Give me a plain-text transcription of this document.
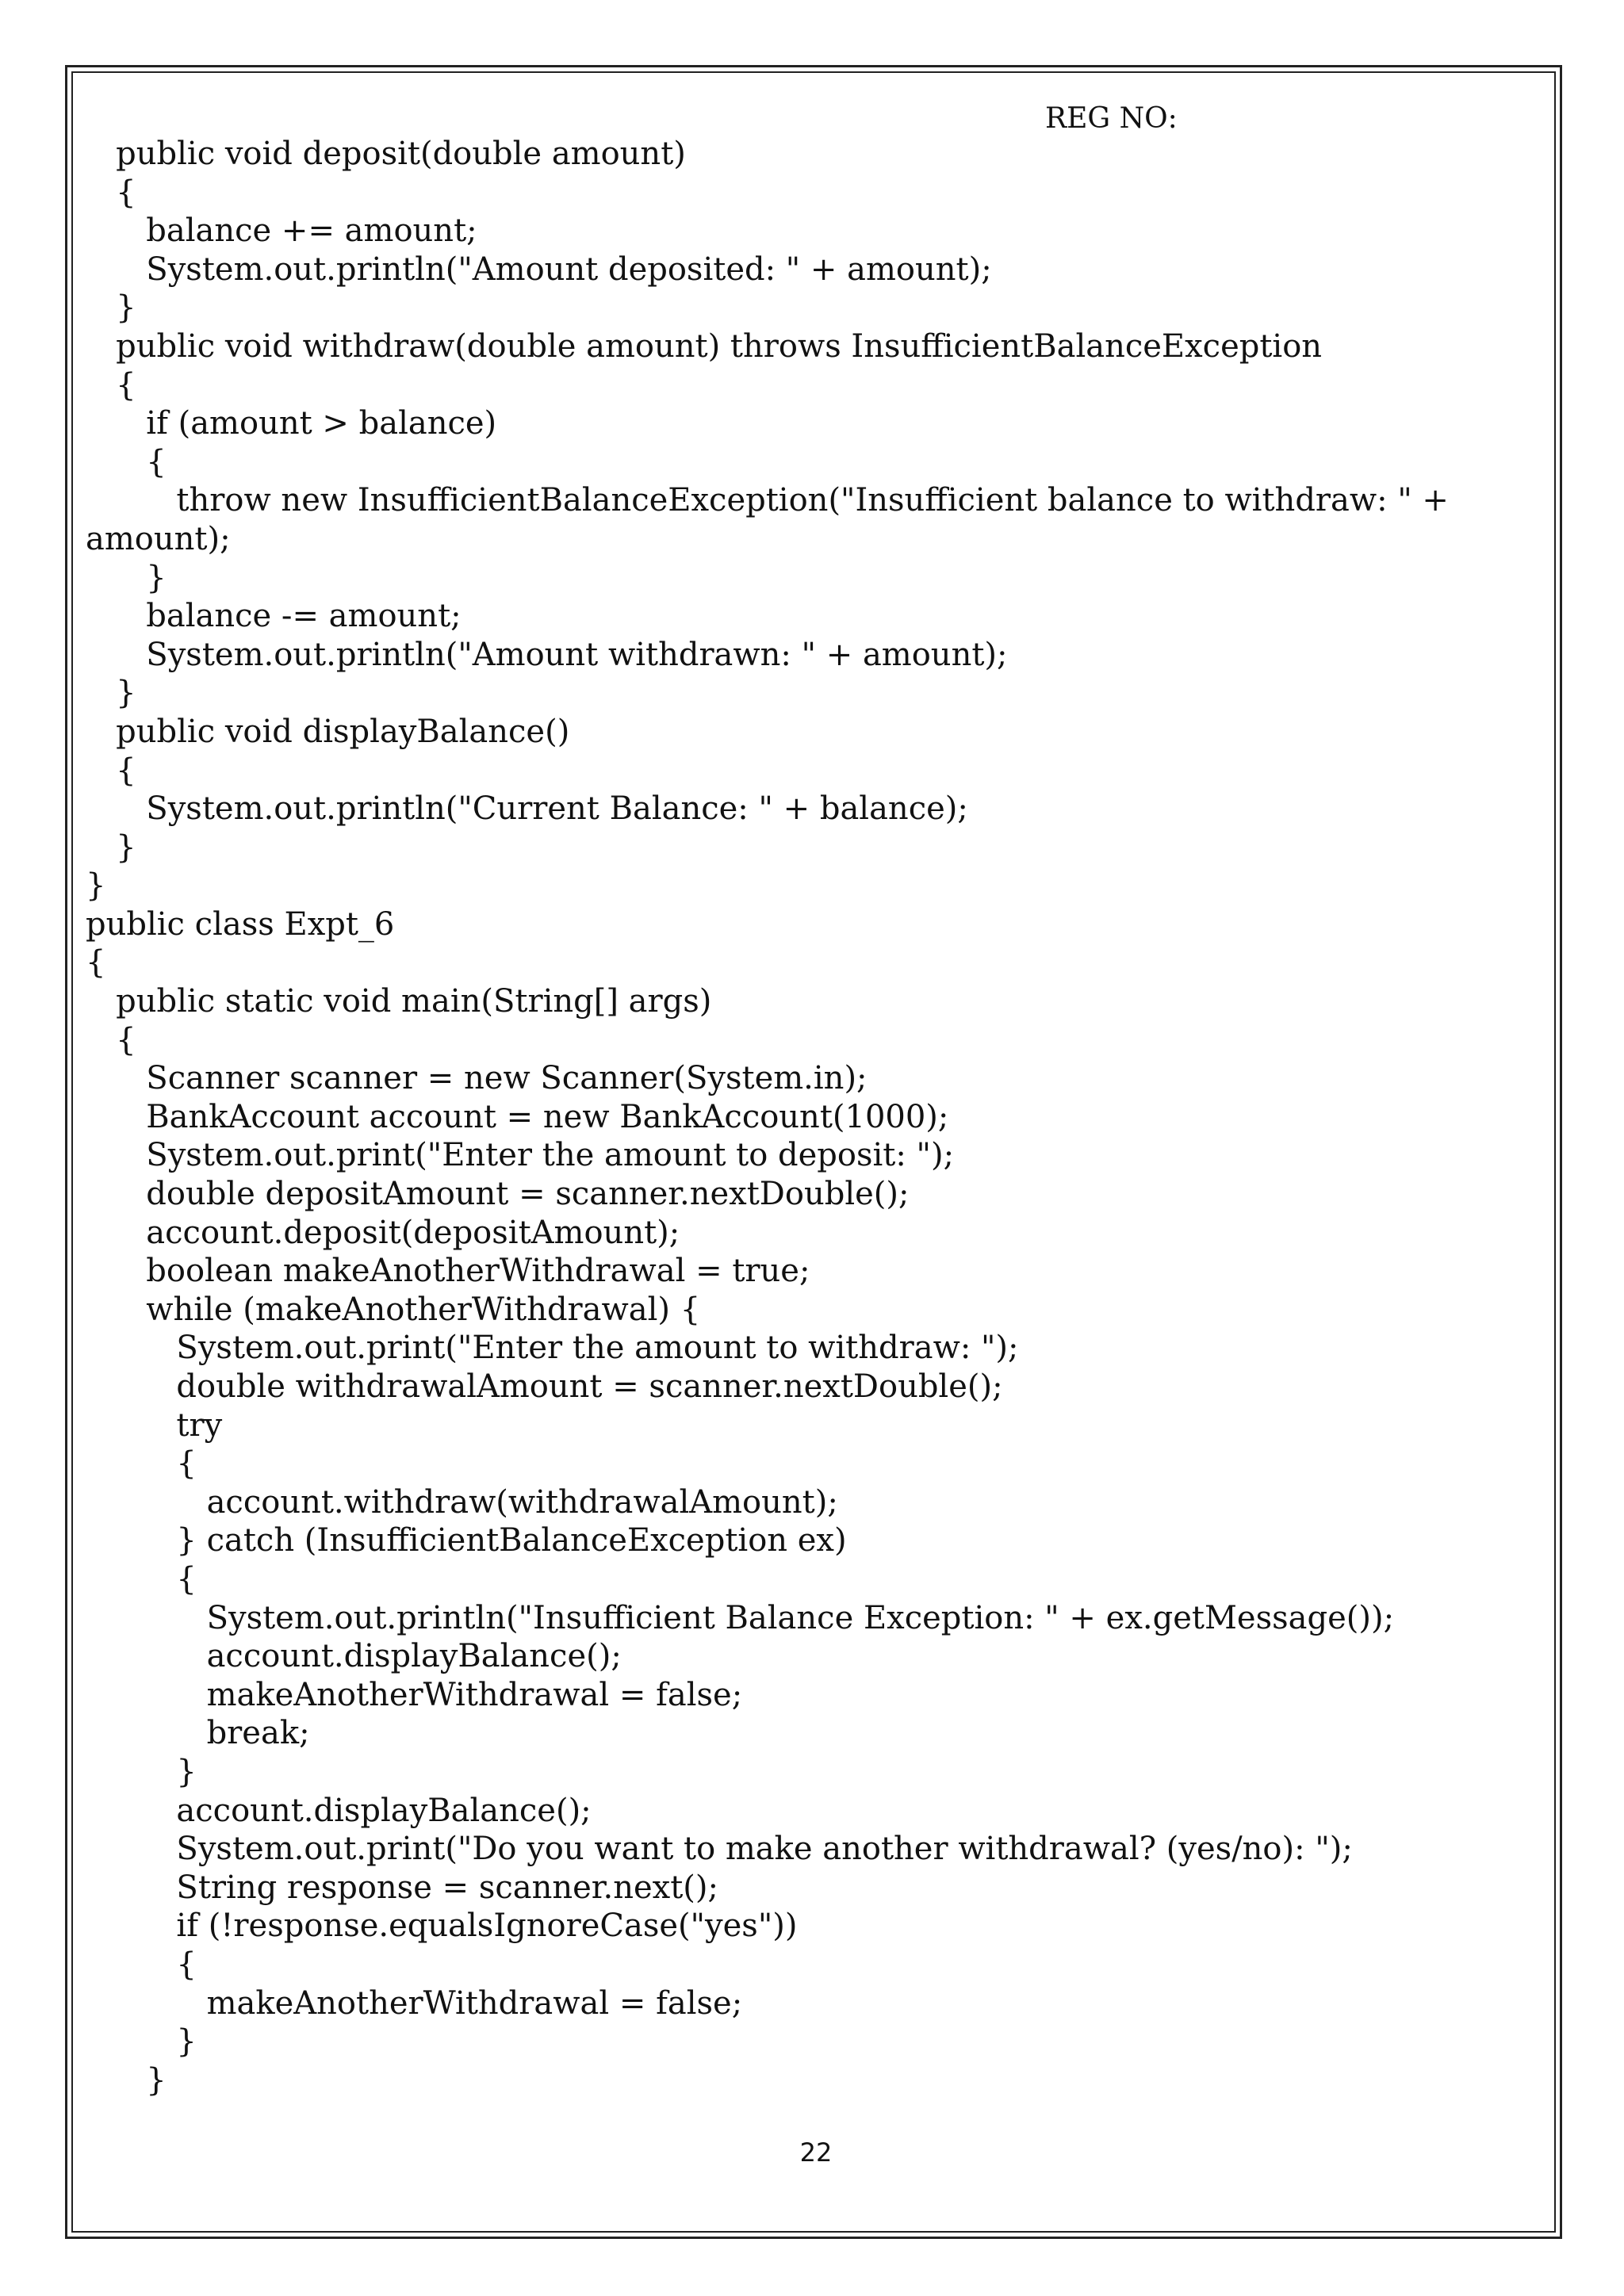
REG NO:
public void deposit(double amount)
{
balance += amount;
System.out.println("Amount deposited: " + amount);
}
public void withdraw(double amount) throws InsufficientBalanceException
{
if (amount > balance)
{
throw new InsufficientBalanceException("Insufficient balance to withdraw: " +
amount);
}
balance -= amount;
System.out.println("Amount withdrawn: " + amount);
}
public void displayBalance()
{
System.out.println("Current Balance: " + balance);
}
}
public class Expt_6
{
public static void main(String[] args)
{
Scanner scanner = new Scanner(System.in);
BankAccount account = new BankAccount(1000);
System.out.print("Enter the amount to deposit: ");
double depositAmount = scanner.nextDouble();
account.deposit(depositAmount);
boolean makeAnotherWithdrawal = true;
while (makeAnotherWithdrawal) {
System.out.print("Enter the amount to withdraw: ");
double withdrawalAmount = scanner.nextDouble();
try
{
account.withdraw(withdrawalAmount);
} catch (InsufficientBalanceException ex)
{
System.out.println("Insufficient Balance Exception: " + ex.getMessage());
account.displayBalance();
makeAnotherWithdrawal = false;
break;
}
account.displayBalance();
System.out.print("Do you want to make another withdrawal? (yes/no): ");
String response = scanner.next();
if (!response.equalsIgnoreCase("yes"))
{
makeAnotherWithdrawal = false;
}
}
22
